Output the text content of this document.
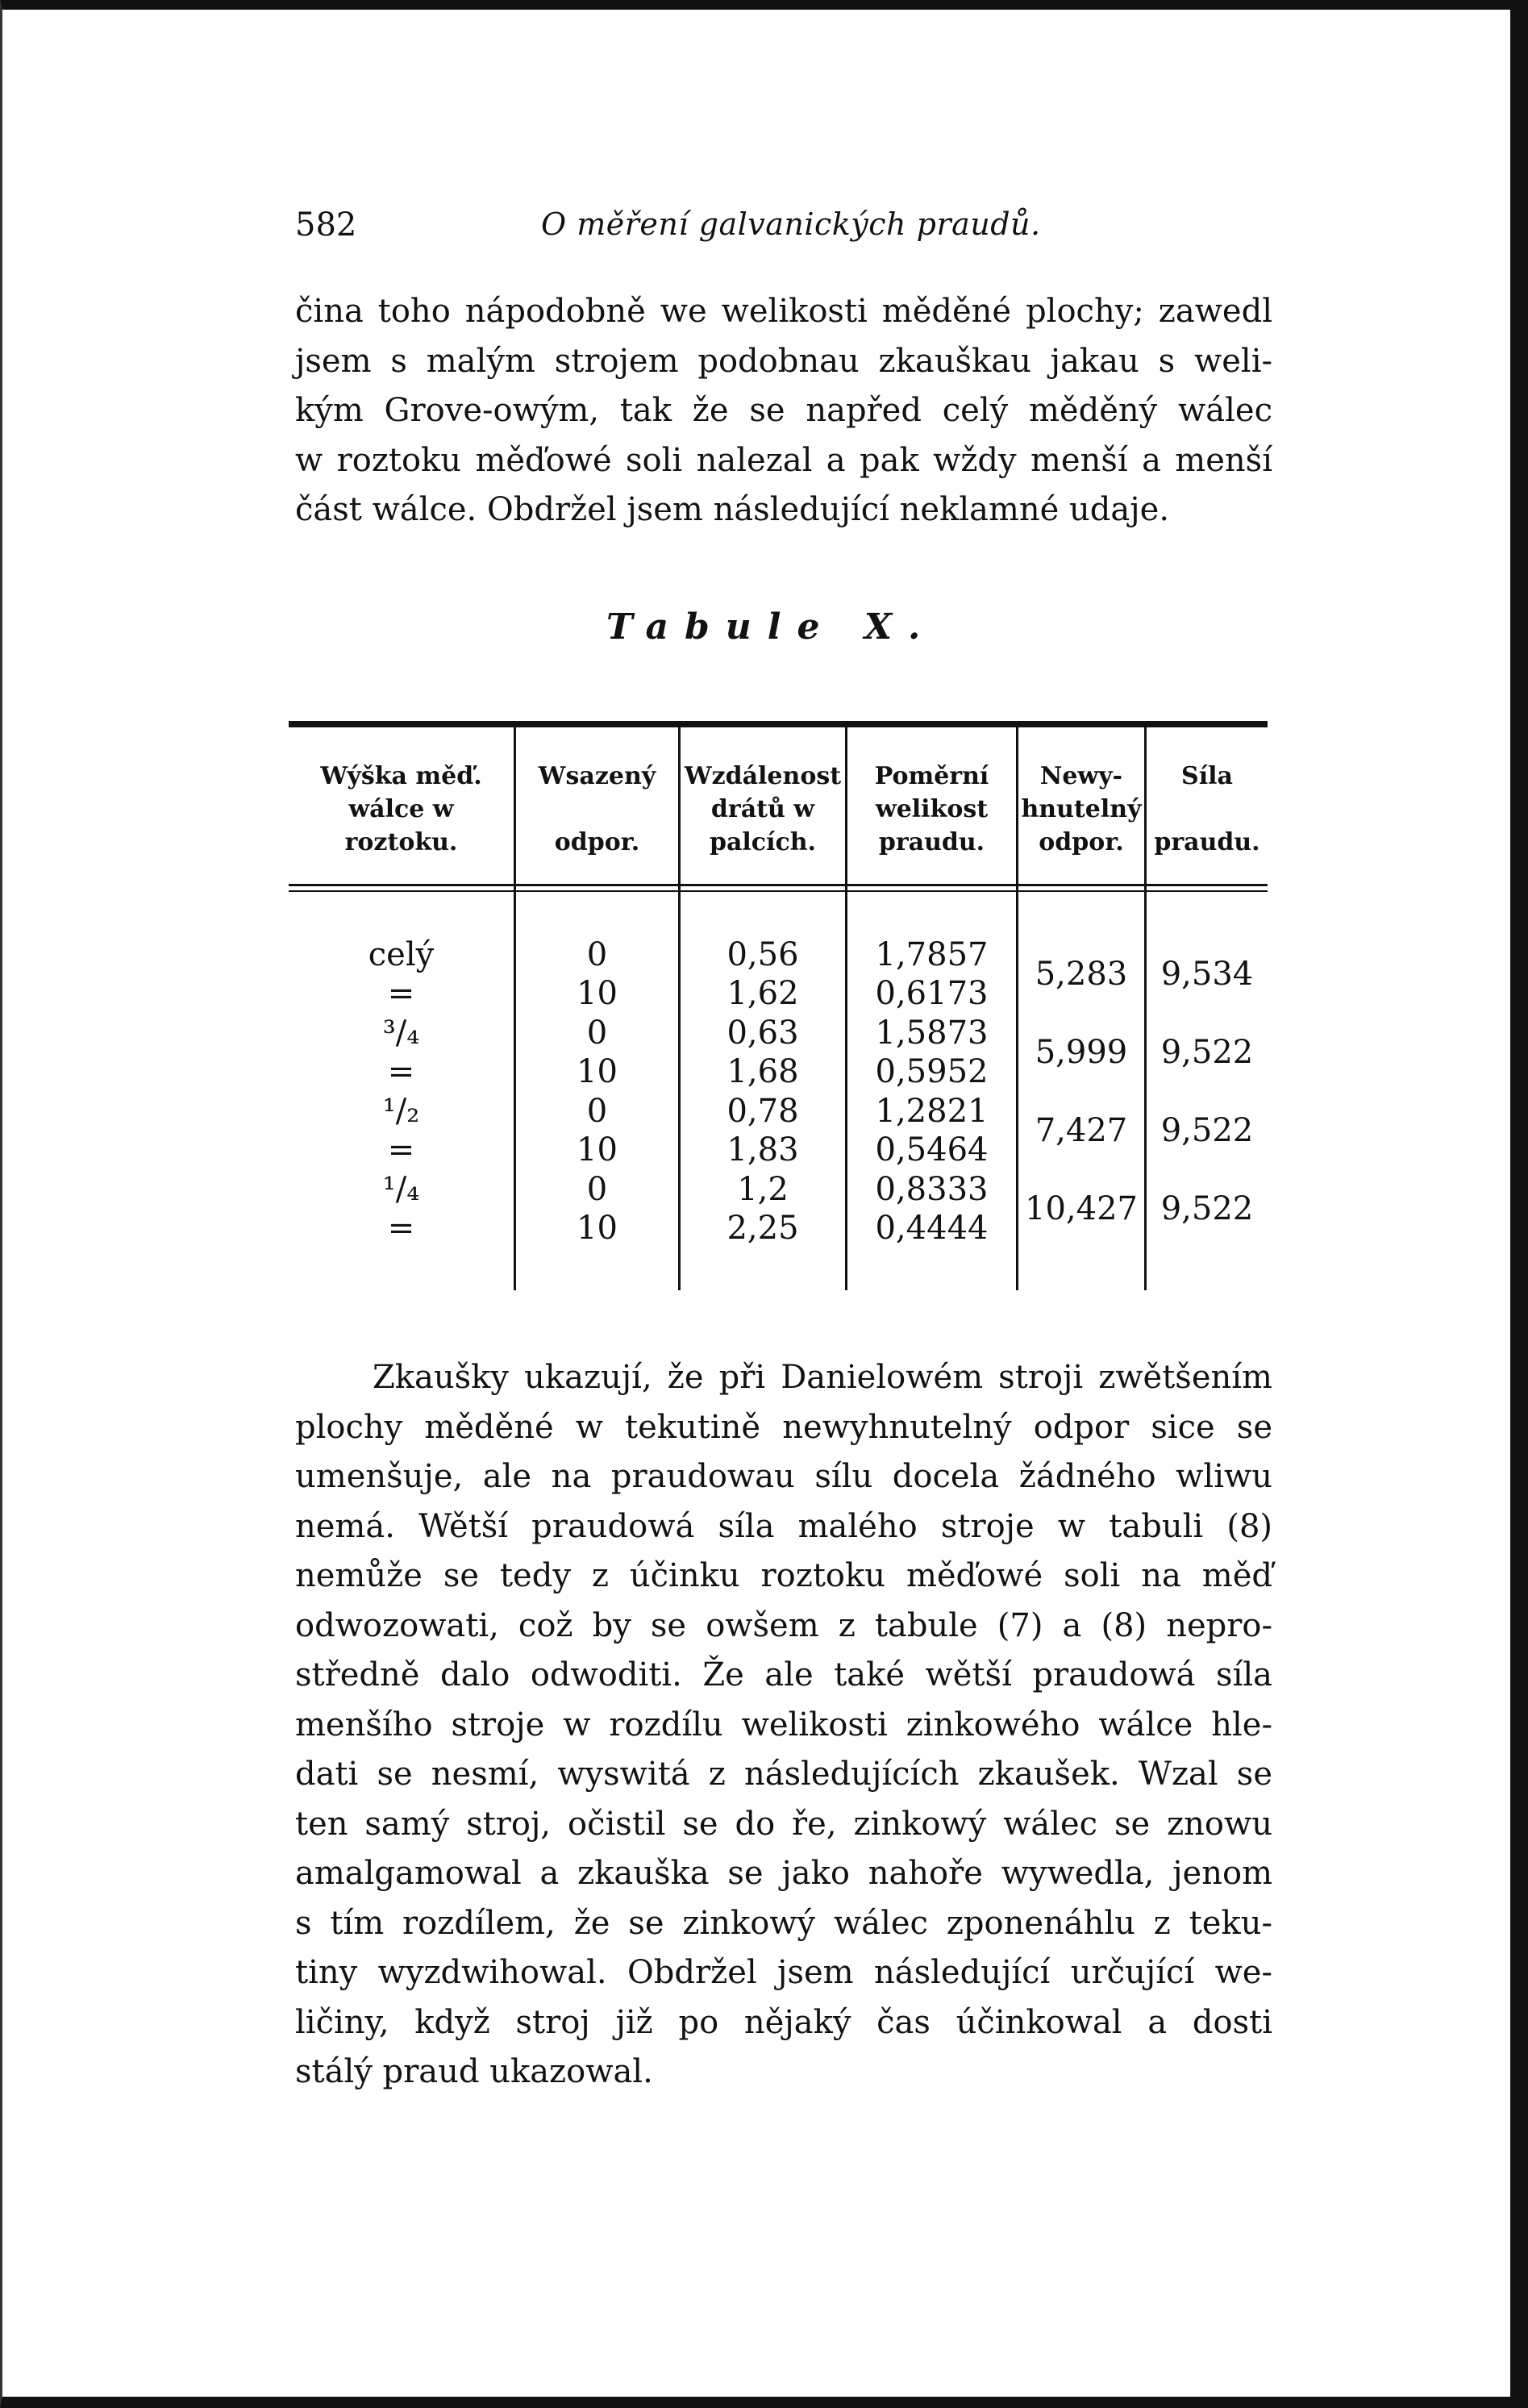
582	O měření galvanických praudů.

čina toho nápodobně we welikosti měděné plochy; zawedl
jsem s malým strojem podobnau zkauškau jakau s weli-
kým Grove-owým, tak že se napřed celý měděný wálec
w roztoku měďowé soli nalezal a pak wždy menší a menší
část wálce. Obdržel jsem následující neklamné udaje.

Tabule X.
Wýška měď.
wálce w
roztoku.
Wsazený

odpor.
Wzdálenost
drátů w
palcích.
Poměrní
welikost
praudu.
Newy-
hnutelný
odpor.
Síla

praudu.
celý
=
³/₄
=
¹/₂
=
¹/₄
=
0
10
0
10
0
10
0
10
0,56
1,62
0,63
1,68
0,78
1,83
1,2
2,25
1,7857
0,6173
1,5873
0,5952
1,2821
0,5464
0,8333
0,4444
5,283
5,999
7,427
10,427
9,534
9,522
9,522
9,522

Zkaušky ukazují, že při Danielowém stroji zwětšením
plochy měděné w tekutině newyhnutelný odpor sice se
umenšuje, ale na praudowau sílu docela žádného wliwu
nemá. Wětší praudowá síla malého stroje w tabuli (8)
nemůže se tedy z účinku roztoku měďowé soli na měď
odwozowati, což by se owšem z tabule (7) a (8) nepro-
středně dalo odwoditi. Že ale také wětší praudowá síla
menšího stroje w rozdílu welikosti zinkowého wálce hle-
dati se nesmí, wyswitá z následujících zkaušek. Wzal se
ten samý stroj, očistil se do ře, zinkowý wálec se znowu
amalgamowal a zkauška se jako nahoře wywedla, jenom
s tím rozdílem, že se zinkowý wálec zponenáhlu z teku-
tiny wyzdwihowal. Obdržel jsem následující určující we-
ličiny, když stroj již po nějaký čas účinkowal a dosti
stálý praud ukazowal.
